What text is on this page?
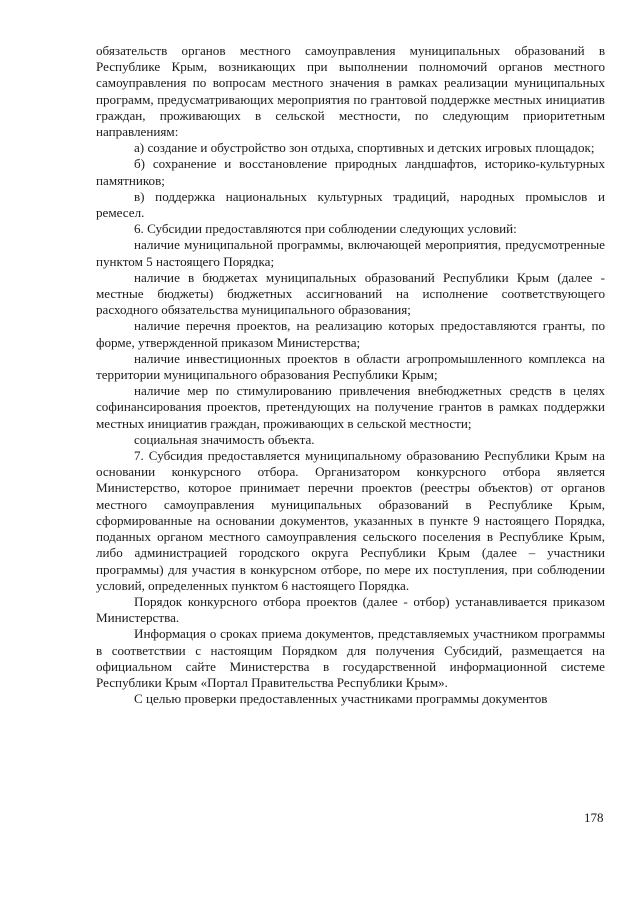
обязательств органов местного самоуправления муниципальных образований в Республике Крым, возникающих при выполнении полномочий органов местного самоуправления по вопросам местного значения в рамках реализации муниципальных программ, предусматривающих мероприятия по грантовой поддержке местных инициатив граждан, проживающих в сельской местности, по следующим приоритетным направлениям:

а) создание и обустройство зон отдыха, спортивных и детских игровых площадок;

б) сохранение и восстановление природных ландшафтов, историко-культурных памятников;

в) поддержка национальных культурных традиций, народных промыслов и ремесел.

6. Субсидии предоставляются при соблюдении следующих условий:

наличие муниципальной программы, включающей мероприятия, предусмотренные пунктом 5 настоящего Порядка;

наличие в бюджетах муниципальных образований Республики Крым (далее - местные бюджеты) бюджетных ассигнований на исполнение соответствующего расходного обязательства муниципального образования;

наличие перечня проектов, на реализацию которых предоставляются гранты, по форме, утвержденной приказом Министерства;

наличие инвестиционных проектов в области агропромышленного комплекса на территории муниципального образования Республики Крым;

наличие мер по стимулированию привлечения внебюджетных средств в целях софинансирования проектов, претендующих на получение грантов в рамках поддержки местных инициатив граждан, проживающих в сельской местности;

социальная значимость объекта.

7. Субсидия предоставляется муниципальному образованию Республики Крым на основании конкурсного отбора. Организатором конкурсного отбора является Министерство, которое принимает перечни проектов (реестры объектов) от органов местного самоуправления муниципальных образований в Республике Крым, сформированные на основании документов, указанных в пункте 9 настоящего Порядка, поданных органом местного самоуправления сельского поселения в Республике Крым, либо администрацией городского округа Республики Крым (далее – участники программы) для участия в конкурсном отборе, по мере их поступления, при соблюдении условий, определенных пунктом 6 настоящего Порядка.

Порядок конкурсного отбора проектов (далее - отбор) устанавливается приказом Министерства.

Информация о сроках приема документов, представляемых участником программы в соответствии с настоящим Порядком для получения Субсидий, размещается на официальном сайте Министерства в государственной информационной системе Республики Крым «Портал Правительства Республики Крым».

С целью проверки предоставленных участниками программы документов

178
